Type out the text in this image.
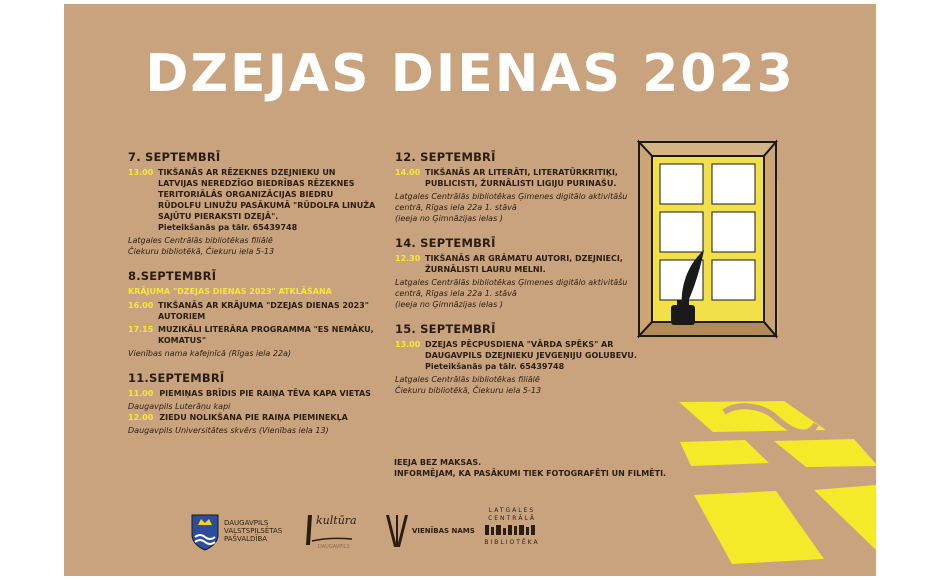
DZEJAS DIENAS 2023

7. SEPTEMBRĪ

13.00 TIKŠANĀS AR RĒZEKNES DZEJNIEKU UN LATVIJAS NEREDZĪGO BIEDRĪBAS RĒZEKNES TERITORIĀLĀS ORGANIZĀCIJAS BIEDRU RŪDOLFU LINUŽU PASĀKUMĀ "RŪDOLFA LINUŽA SAJŪTU PIERAKSTI DZEJĀ".
Pieteikšanās pa tālr. 65439748

Latgales Centrālās bibliotēkas filiālē

Čiekuru bibliotēkā, Čiekuru iela 5-13

8.SEPTEMBRĪ

KRĀJUMA "DZEJAS DIENAS 2023" ATKLĀŠANA

16.00 TIKŠANĀS AR KRĀJUMA "DZEJAS DIENAS 2023" AUTORIEM
17.15 MUZIKĀLI LITERĀRA PROGRAMMA "ES NEMĀKU, KOMATUS"

Vienības nama kafejnīcā (Rīgas iela 22a)

11.SEPTEMBRĪ

11.00 PIEMIŅAS BRĪDIS PIE RAIŅA TĒVA KAPA VIETAS

Daugavpils Luterāņu kapi

12.00 ZIEDU NOLIKŠANA PIE RAIŅA PIEMINEKĻA

Daugavpils Universitātes skvērs (Vienības iela 13)

12. SEPTEMBRĪ

14.00 TIKŠANĀS AR LITERĀTI, LITERATŪRKRITIĶI, PUBLICISTI, ŽURNĀLISTI LIGIJU PURINAŠU.

Latgales Centrālās bibliotēkas Ģimenes digitālo aktivitāšu centrā, Rīgas iela 22a 1. stāvā

(ieeja no Ģimnāzijas ielas )

14. SEPTEMBRĪ

12.30 TIKŠANĀS AR GRĀMATU AUTORI, DZEJNIECI, ŽURNĀLISTI LAURU MELNI.

Latgales Centrālās bibliotēkas Ģimenes digitālo aktivitāšu centrā, Rīgas iela 22a 1. stāvā

(ieeja no Ģimnāzijas ielas )

15. SEPTEMBRĪ

13.00 DZEJAS PĒCPUSDIENA "VĀRDA SPĒKS" AR DAUGAVPILS DZEJNIEKU JEVGEŅIJU GOLUBEVU.
Pieteikšanās pa tālr. 65439748

Latgales Centrālās bibliotēkas filiālē

Čiekuru bibliotēkā, Čiekuru iela 5-13

IEEJA BEZ MAKSAS.
INFORMĒJAM, KA PASĀKUMI TIEK FOTOGRAFĒTI UN FILMĒTI.
DAUGAVPILS
VALSTSPILSĒTAS
PAŠVALDĪBA
kultūra
DAUGAVPILS
VIENĪBAS NAMS
LATGALES
CENTRĀLĀ
BIBLIOTĒKA
